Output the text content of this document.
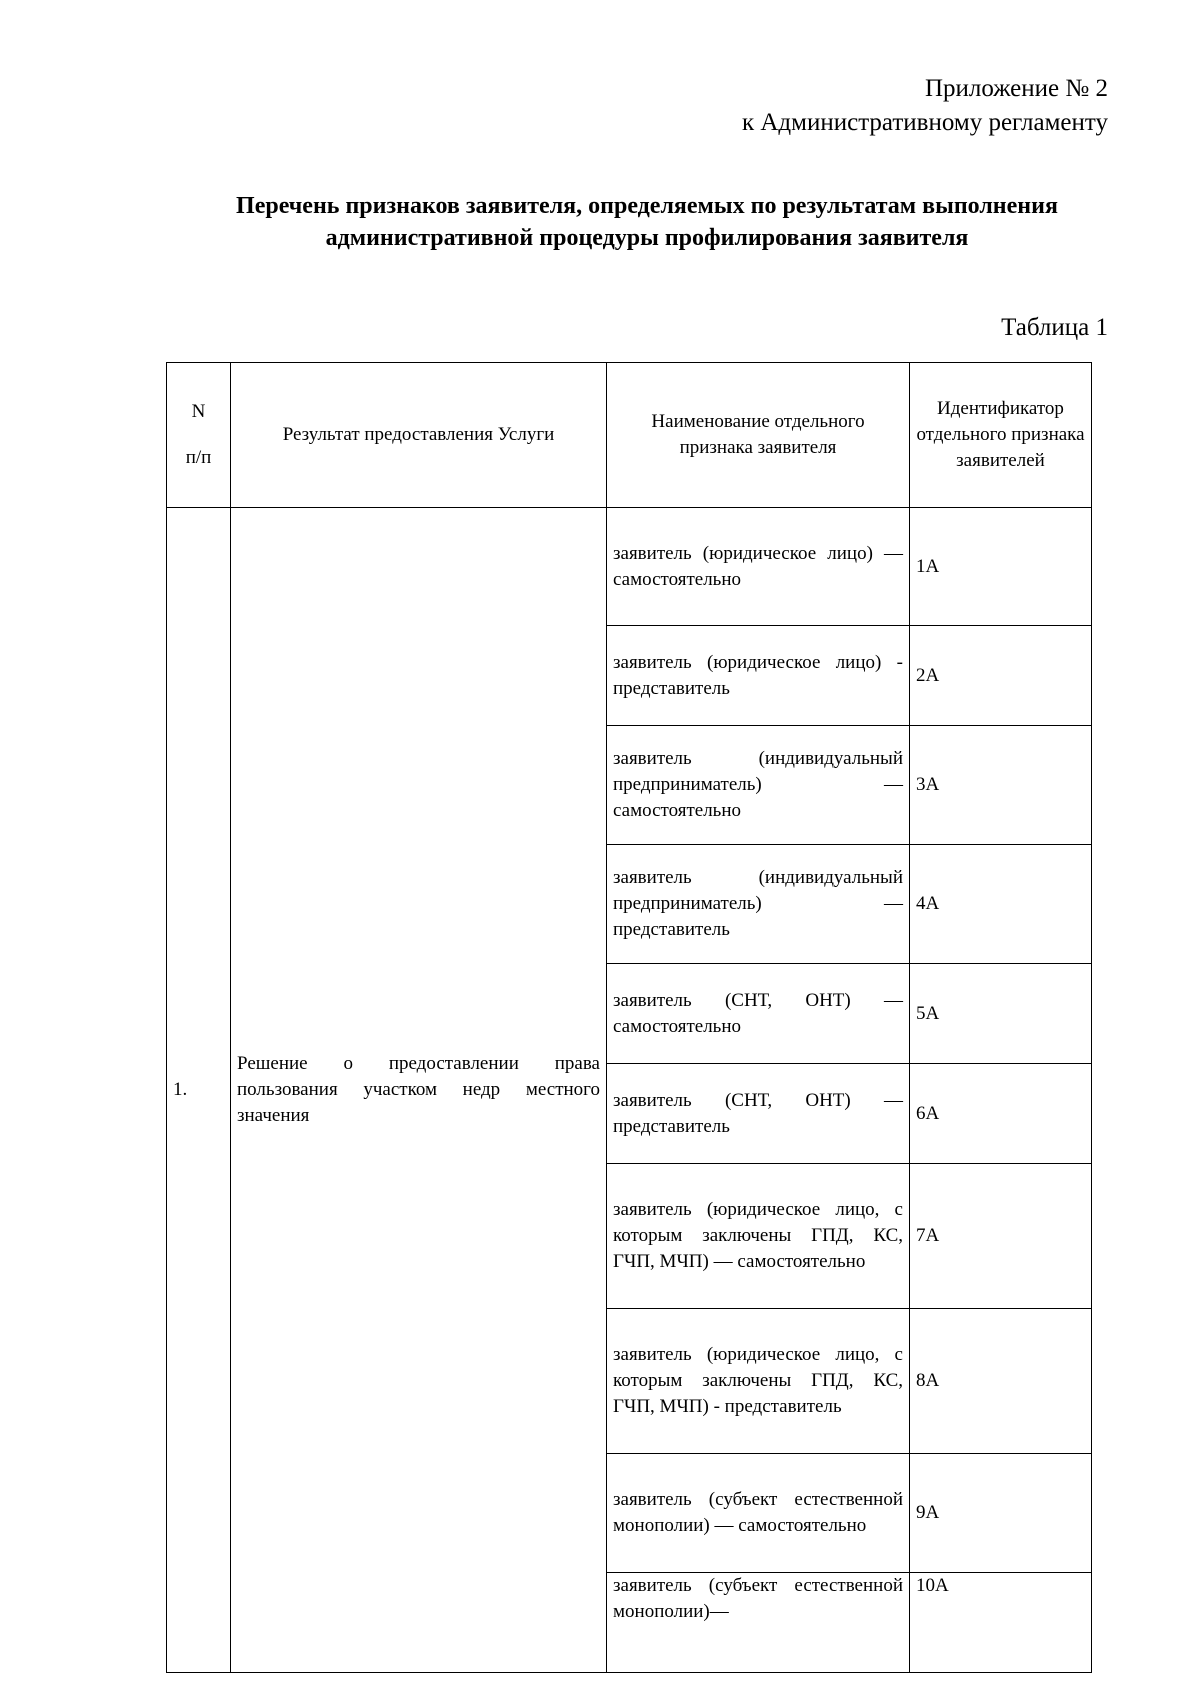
Приложение № 2
к Административному регламенту
Перечень признаков заявителя, определяемых по результатам выполнения
административной процедуры профилирования заявителя
Таблица 1
N
п/п	Результат предоставления Услуги	Наименование отдельного признака заявителя	Идентификатор отдельного признака заявителей
1.	Решение о предоставлении права пользования участком недр местного значения	заявитель (юридическое лицо) — самостоятельно	1А
		заявитель (юридическое лицо) - представитель	2А
		заявитель (индивидуальный предприниматель) — самостоятельно	3А
		заявитель (индивидуальный предприниматель) — представитель	4А
		заявитель (СНТ, ОНТ) — самостоятельно	5А
		заявитель (СНТ, ОНТ) — представитель	6А
		заявитель (юридическое лицо, с которым заключены ГПД, КС, ГЧП, МЧП) — самостоятельно	7А
		заявитель (юридическое лицо, с которым заключены ГПД, КС, ГЧП, МЧП) - представитель	8А
		заявитель (субъект естественной монополии) — самостоятельно	9А
		заявитель (субъект естественной монополии)—	10А
